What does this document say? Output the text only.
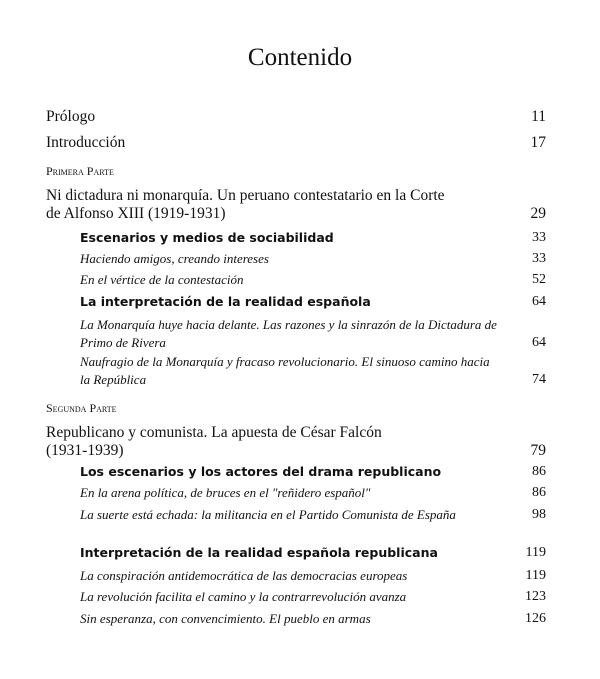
Contenido
Prólogo	11
Introducción	17
Primera Parte
Ni dictadura ni monarquía. Un peruano contestatario en la Corte de Alfonso XIII (1919-1931)	29
Escenarios y medios de sociabilidad	33
Haciendo amigos, creando intereses	33
En el vértice de la contestación	52
La interpretación de la realidad española	64
La Monarquía huye hacia delante. Las razones y la sinrazón de la Dictadura de Primo de Rivera	64
Naufragio de la Monarquía y fracaso revolucionario. El sinuoso camino hacia la República	74
Segunda Parte
Republicano y comunista. La apuesta de César Falcón (1931-1939)	79
Los escenarios y los actores del drama republicano	86
En la arena política, de bruces en el "reñidero español"	86
La suerte está echada: la militancia en el Partido Comunista de España	98
Interpretación de la realidad española republicana	119
La conspiración antidemocrática de las democracias europeas	119
La revolución facilita el camino y la contrarrevolución avanza	123
Sin esperanza, con convencimiento. El pueblo en armas	126
